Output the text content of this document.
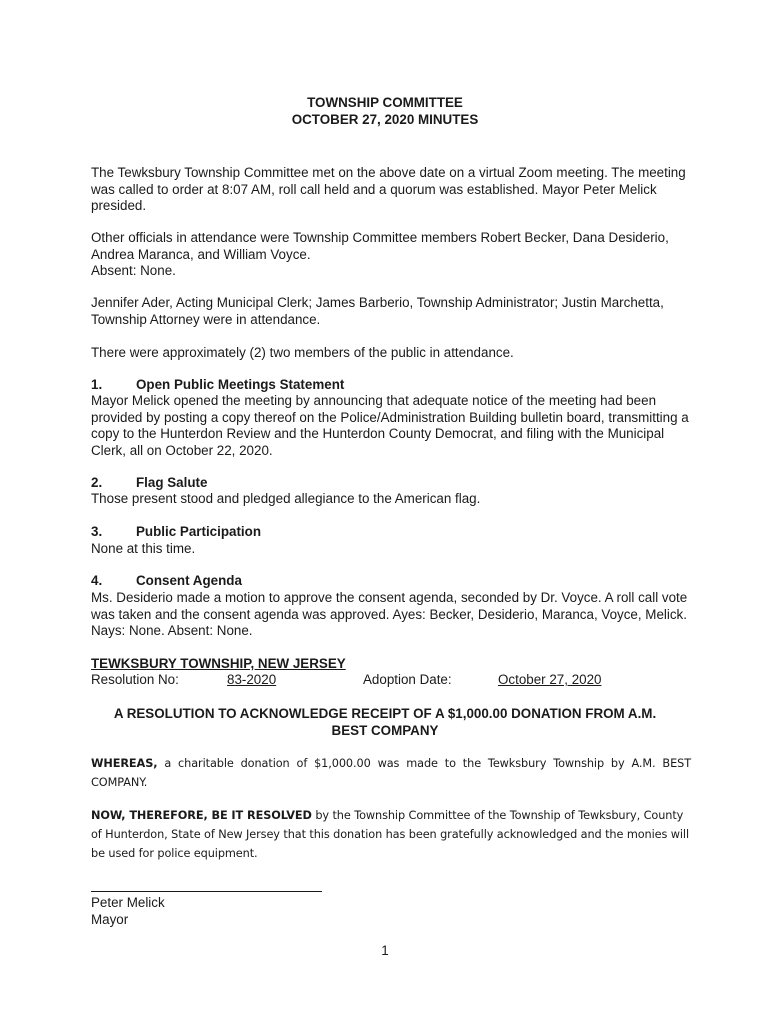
TOWNSHIP COMMITTEE
OCTOBER 27, 2020 MINUTES

The Tewksbury Township Committee met on the above date on a virtual Zoom meeting. The meeting was called to order at 8:07 AM, roll call held and a quorum was established. Mayor Peter Melick presided.

Other officials in attendance were Township Committee members Robert Becker, Dana Desiderio, Andrea Maranca, and William Voyce.

Absent: None.

Jennifer Ader, Acting Municipal Clerk; James Barberio, Township Administrator; Justin Marchetta, Township Attorney were in attendance.

There were approximately (2) two members of the public in attendance.

1.	Open Public Meetings Statement

Mayor Melick opened the meeting by announcing that adequate notice of the meeting had been provided by posting a copy thereof on the Police/Administration Building bulletin board, transmitting a copy to the Hunterdon Review and the Hunterdon County Democrat, and filing with the Municipal Clerk, all on October 22, 2020.

2.	Flag Salute

Those present stood and pledged allegiance to the American flag.

3.	Public Participation

None at this time.

4.	Consent Agenda

Ms. Desiderio made a motion to approve the consent agenda, seconded by Dr. Voyce. A roll call vote was taken and the consent agenda was approved. Ayes: Becker, Desiderio, Maranca, Voyce, Melick. Nays: None. Absent: None.

TEWKSBURY TOWNSHIP, NEW JERSEY
Resolution No:	83-2020	Adoption Date:	October 27, 2020
A RESOLUTION TO ACKNOWLEDGE RECEIPT OF A $1,000.00 DONATION FROM A.M. BEST COMPANY

WHEREAS, a charitable donation of $1,000.00 was made to the Tewksbury Township by A.M. BEST COMPANY.

NOW, THEREFORE, BE IT RESOLVED by the Township Committee of the Township of Tewksbury, County of Hunterdon, State of New Jersey that this donation has been gratefully acknowledged and the monies will be used for police equipment.

Peter Melick
Mayor
1
